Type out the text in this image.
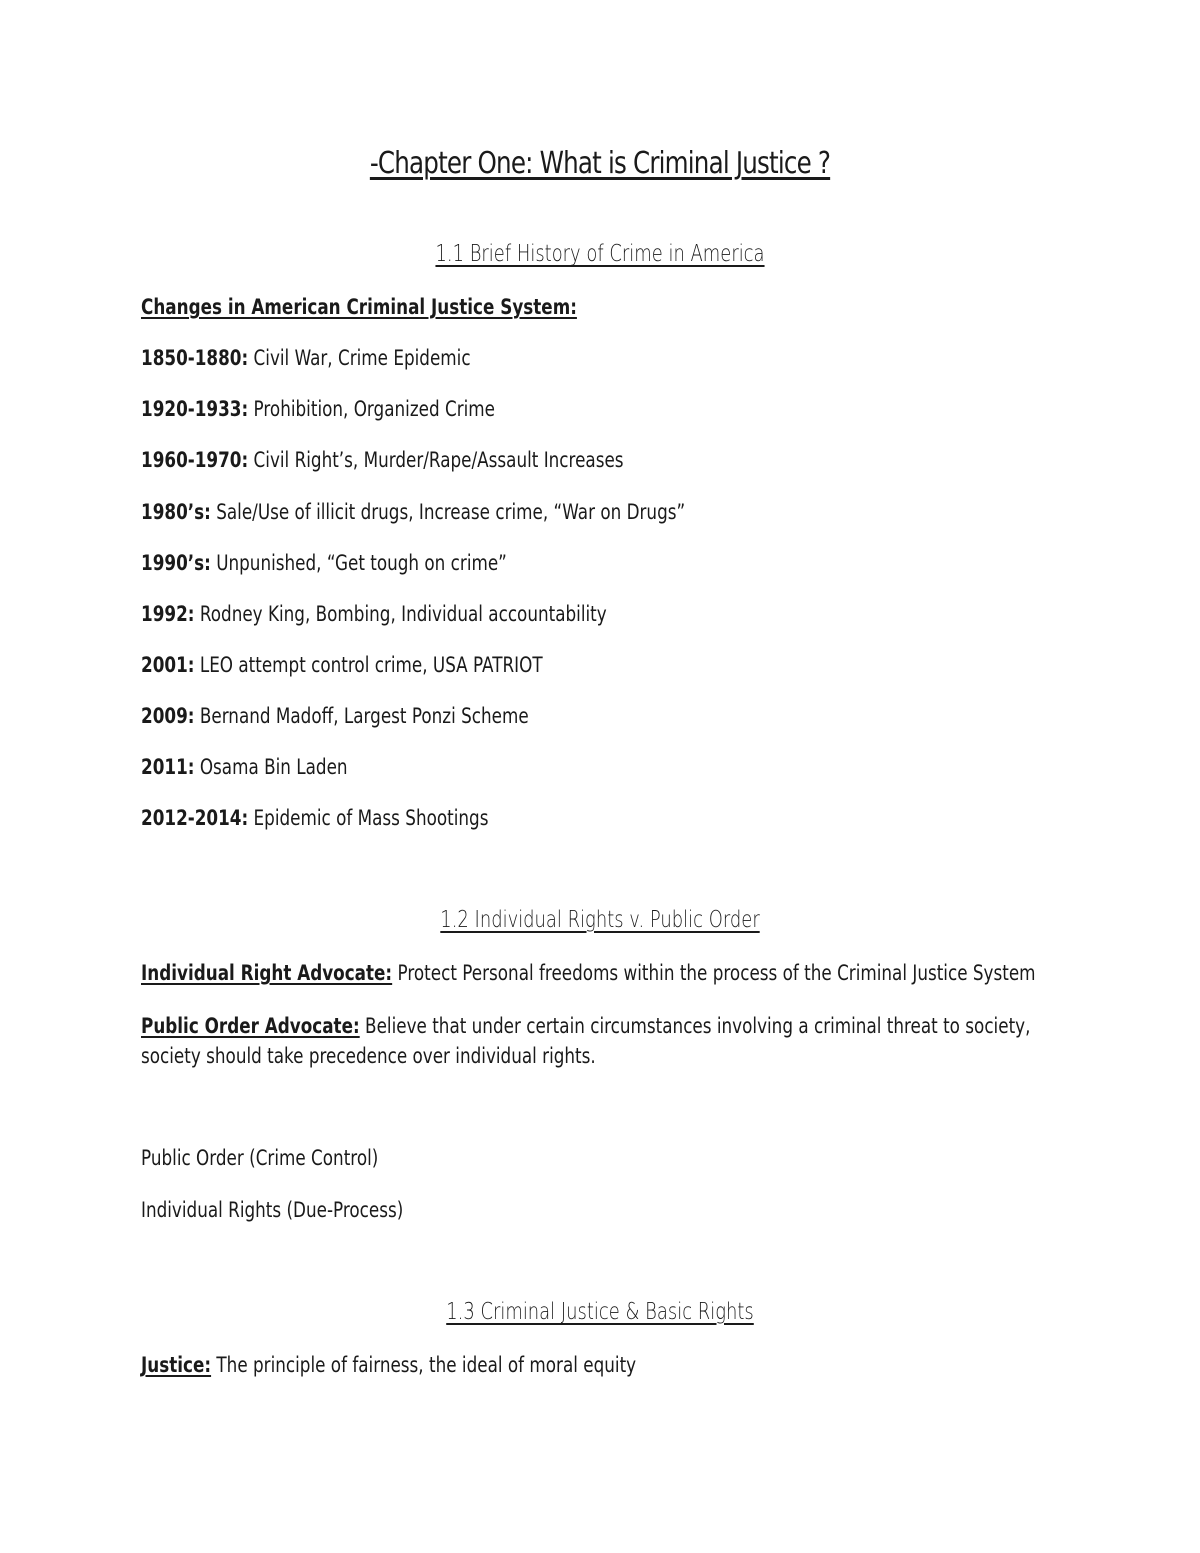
-Chapter One: What is Criminal Justice ?
1.1 Brief History of Crime in America
Changes in American Criminal Justice System:
1850-1880: Civil War, Crime Epidemic
1920-1933: Prohibition, Organized Crime
1960-1970: Civil Right’s, Murder/Rape/Assault Increases
1980’s: Sale/Use of illicit drugs, Increase crime, “War on Drugs”
1990’s: Unpunished, “Get tough on crime”
1992: Rodney King, Bombing, Individual accountability
2001: LEO attempt control crime, USA PATRIOT
2009: Bernand Madoff, Largest Ponzi Scheme
2011: Osama Bin Laden
2012-2014: Epidemic of Mass Shootings
1.2 Individual Rights v. Public Order
Individual Right Advocate: Protect Personal freedoms within the process of the Criminal Justice System
Public Order Advocate: Believe that under certain circumstances involving a criminal threat to society, society should take precedence over individual rights.
Public Order (Crime Control)
Individual Rights (Due-Process)
1.3 Criminal Justice & Basic Rights
Justice: The principle of fairness, the ideal of moral equity
